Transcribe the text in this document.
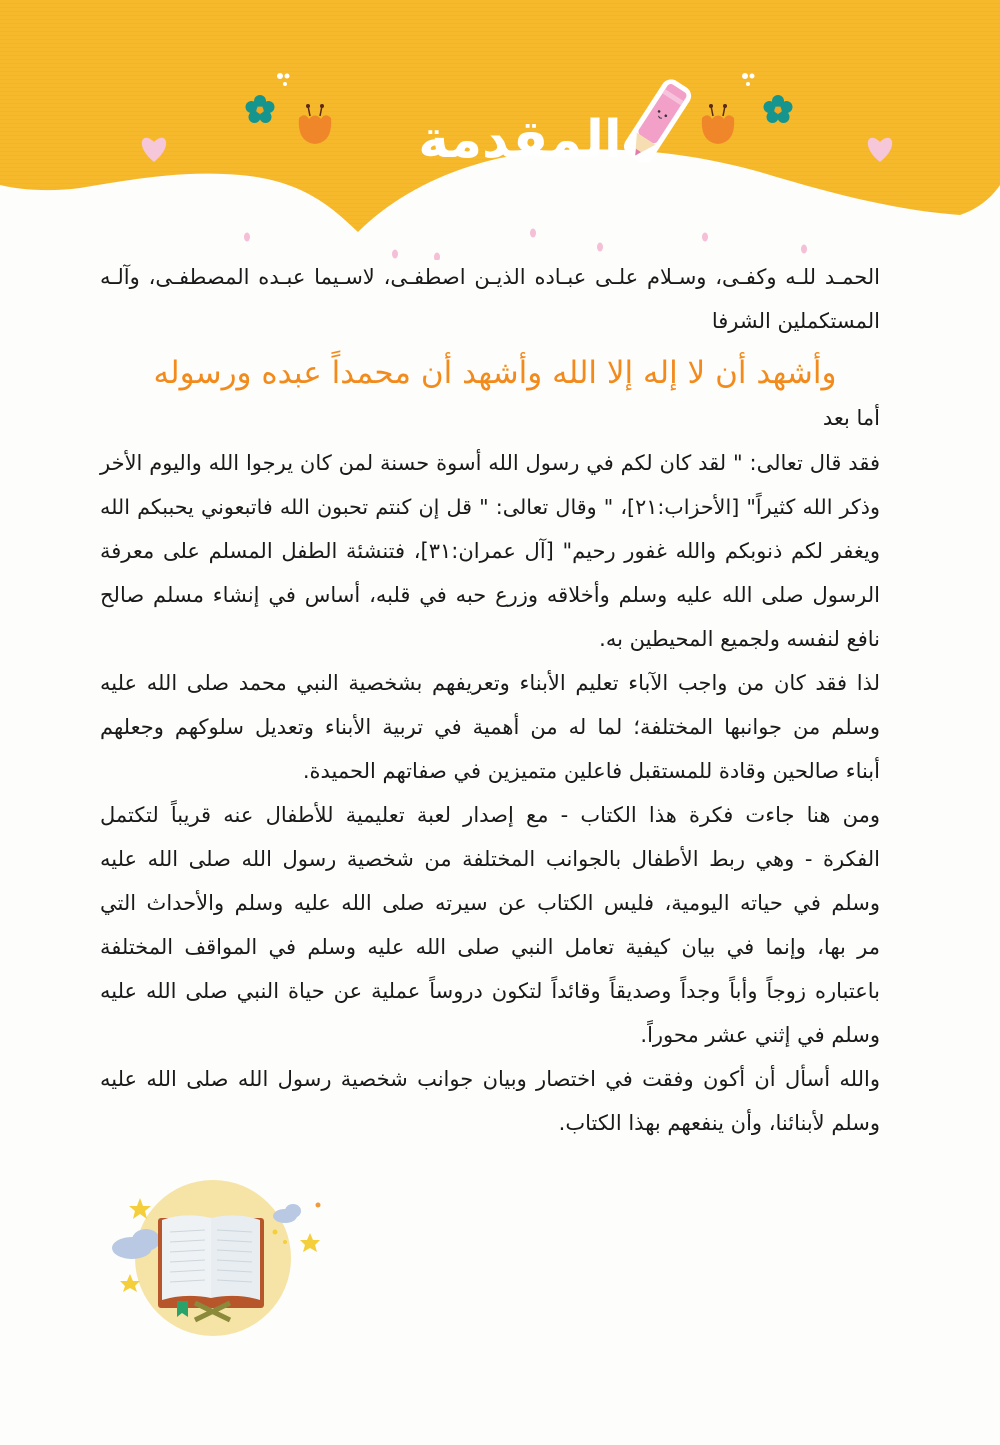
المقدمة
الحمـد للـه وكفـى، وسـلام علـى عبـاده الذيـن اصطفـى، لاسـيما عبـده المصطفـى، وآلـه
المستكملين الشرفا
وأشهد أن لا إله إلا الله وأشهد أن محمداً عبده ورسوله
أما بعد
فقد قال تعالى: " لقد كان لكم في رسول الله أسوة حسنة لمن كان يرجوا الله واليوم الأخر
وذكر الله كثيراً" [الأحزاب:٢١]، " وقال تعالى: " قل إن كنتم تحبون الله فاتبعوني يحببكم الله
ويغفر لكم ذنوبكم والله غفور رحيم" [آل عمران:٣١]، فتنشئة الطفل المسلم على معرفة
الرسول صلى الله عليه وسلم وأخلاقه وزرع حبه في قلبه، أساس في إنشاء مسلم صالح
نافع لنفسه ولجميع المحيطين به.
لذا فقد كان من واجب الآباء تعليم الأبناء وتعريفهم بشخصية النبي محمد صلى الله عليه
وسلم من جوانبها المختلفة؛ لما له من أهمية في تربية الأبناء وتعديل سلوكهم وجعلهم
أبناء صالحين وقادة للمستقبل فاعلين متميزين في صفاتهم الحميدة.
ومن هنا جاءت فكرة هذا الكتاب - مع إصدار لعبة تعليمية للأطفال عنه قريباً لتكتمل
الفكرة - وهي ربط الأطفال بالجوانب المختلفة من شخصية رسول الله صلى الله عليه
وسلم في حياته اليومية، فليس الكتاب عن سيرته صلى الله عليه وسلم والأحداث التي
مر بها، وإنما في بيان كيفية تعامل النبي صلى الله عليه وسلم في المواقف المختلفة
باعتباره زوجاً وأباً وجداً وصديقاً وقائداً لتكون دروساً عملية عن حياة النبي صلى الله عليه
وسلم في إثني عشر محوراً.
والله أسأل أن أكون وفقت في اختصار وبيان جوانب شخصية رسول الله صلى الله عليه
وسلم لأبنائنا، وأن ينفعهم بهذا الكتاب.
